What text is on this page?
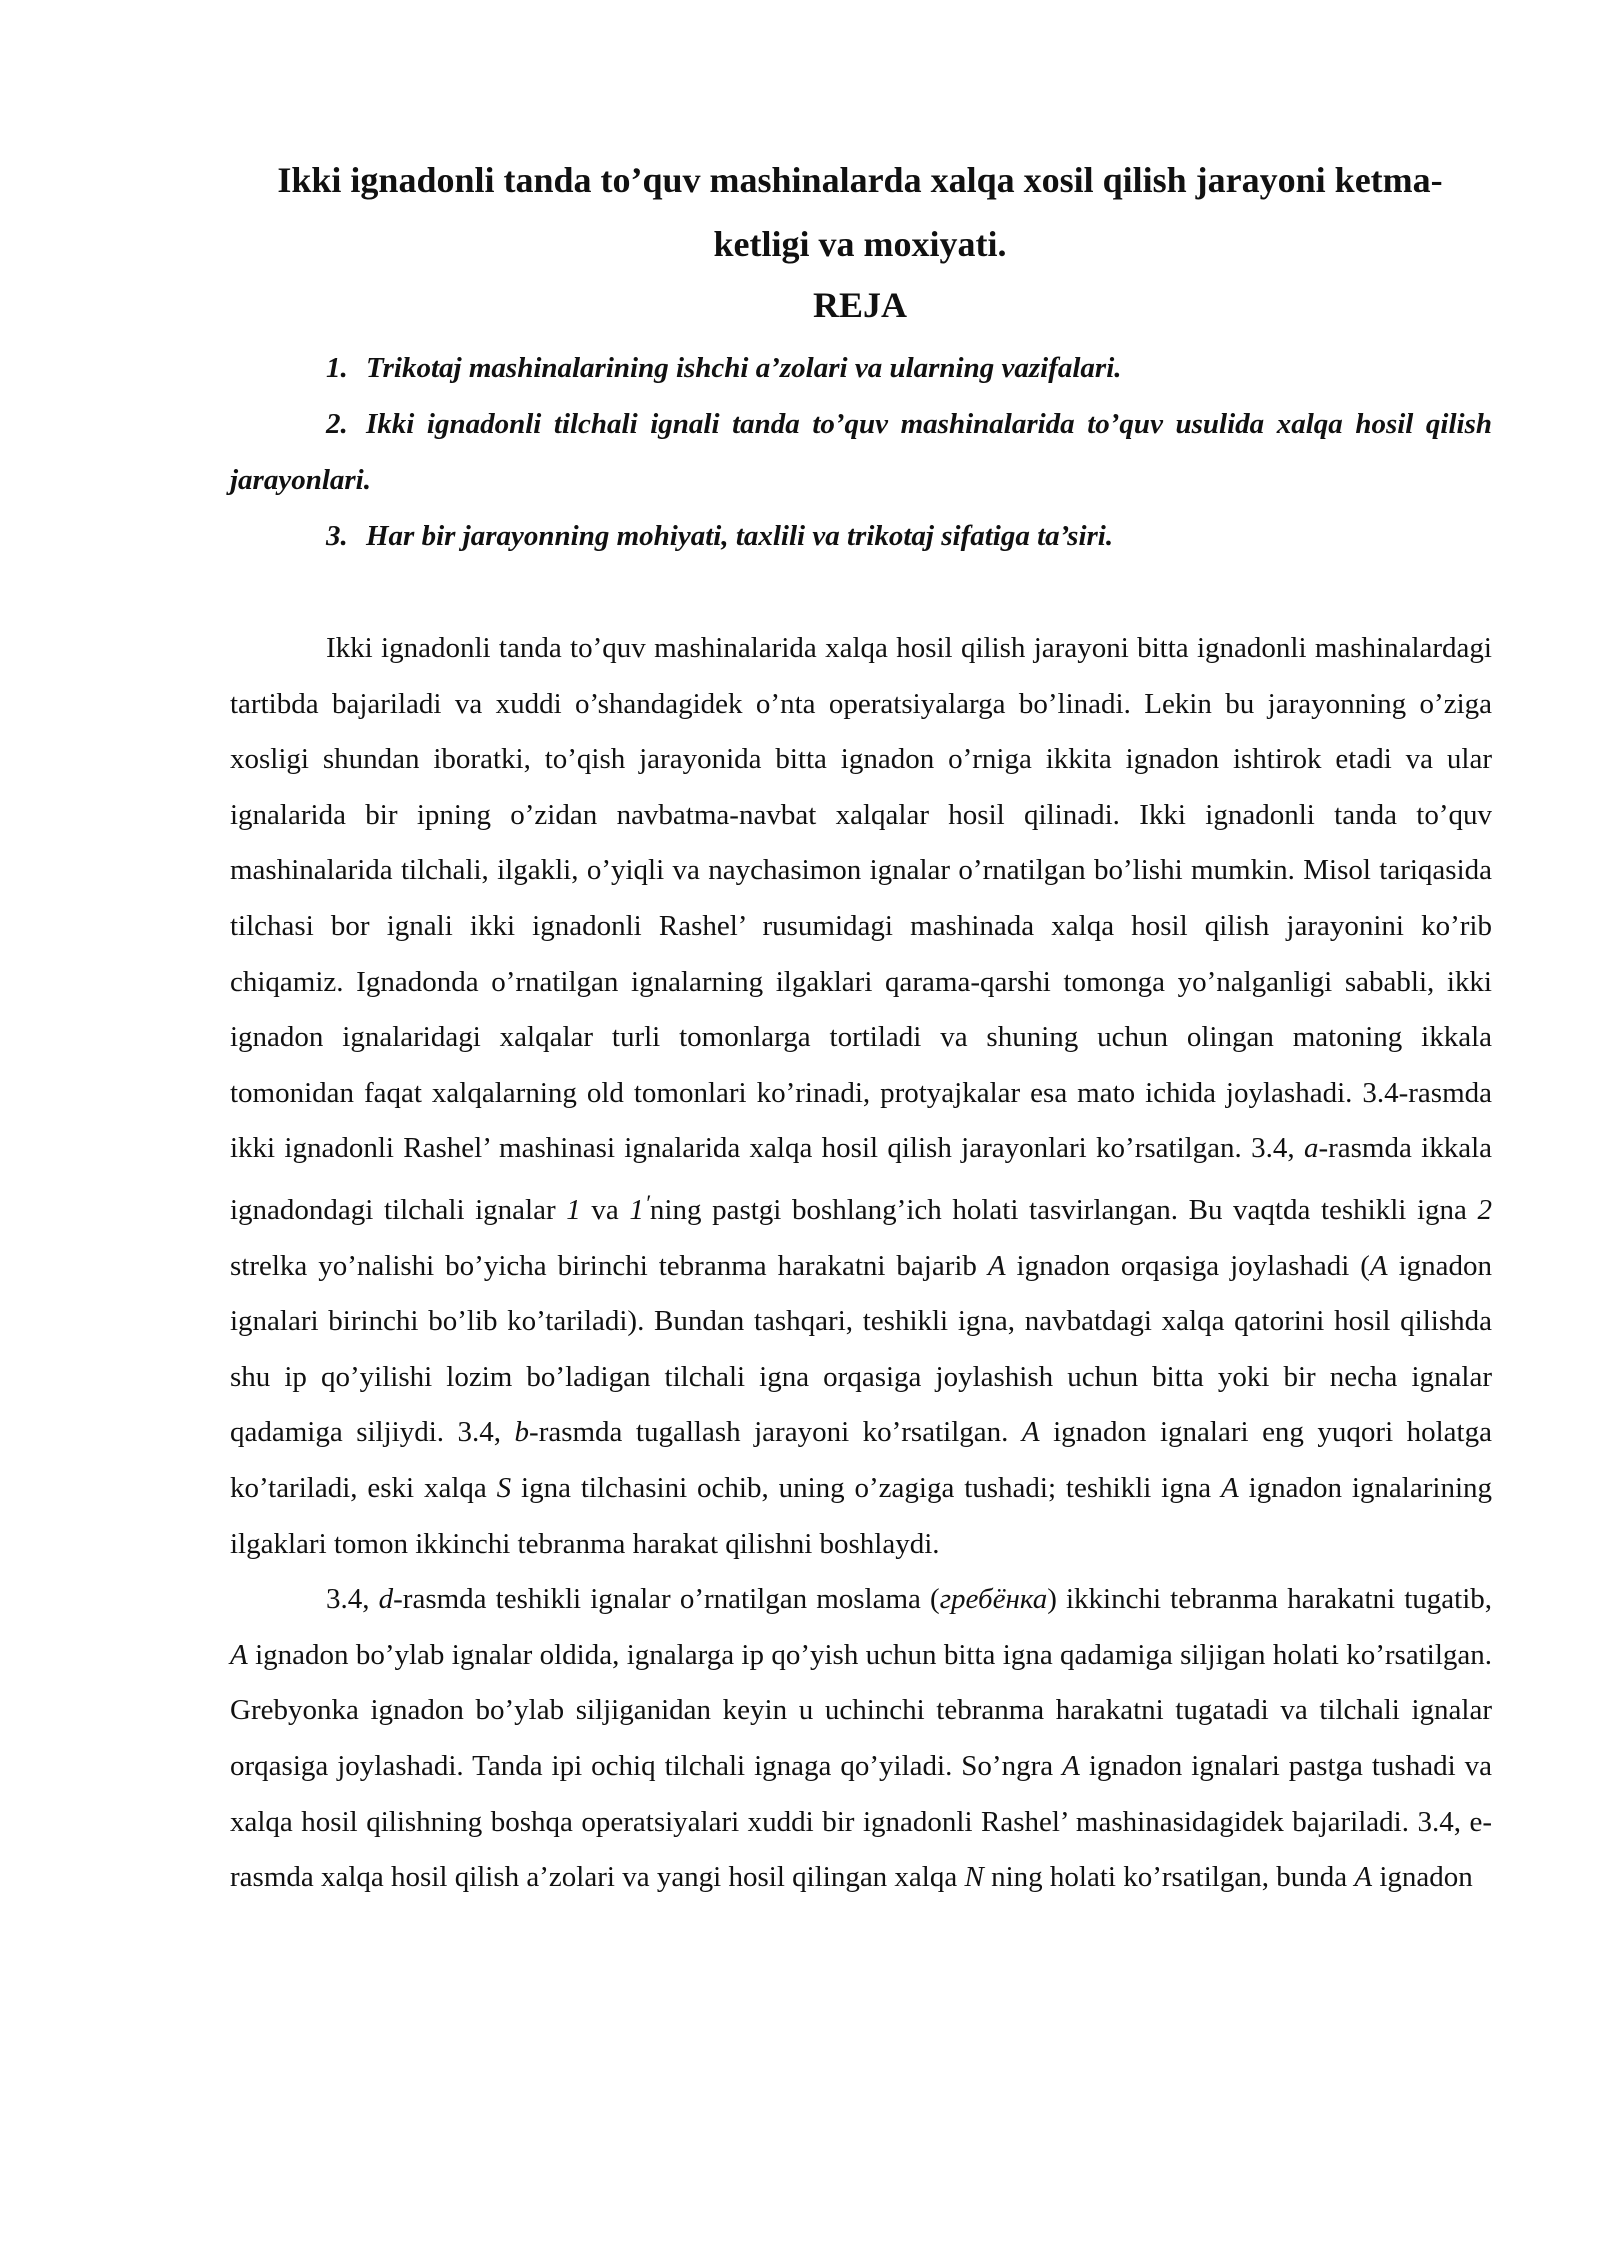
Ikki ignadonli tanda to’quv mashinalarda xalqa xosil qilish jarayoni ketma-
ketligi va moxiyati.
REJA

1. Trikotaj mashinalarining ishchi a’zolari va ularning vazifalari.

2. Ikki ignadonli tilchali ignali tanda to’quv mashinalarida to’quv usulida xalqa hosil qilish jarayonlari.

3. Har bir jarayonning mohiyati, taxlili va trikotaj sifatiga ta’siri.

Ikki ignadonli tanda to’quv mashinalarida xalqa hosil qilish jarayoni bitta ignadonli mashinalardagi tartibda bajariladi va xuddi o’shandagidek o’nta operatsiyalarga bo’linadi. Lekin bu jarayonning o’ziga xosligi shundan iboratki, to’qish jarayonida bitta ignadon o’rniga ikkita ignadon ishtirok etadi va ular ignalarida bir ipning o’zidan navbatma-navbat xalqalar hosil qilinadi. Ikki ignadonli tanda to’quv mashinalarida tilchali, ilgakli, o’yiqli va naychasimon ignalar o’rnatilgan bo’lishi mumkin. Misol tariqasida tilchasi bor ignali ikki ignadonli Rashel’ rusumidagi mashinada xalqa hosil qilish jarayonini ko’rib chiqamiz. Ignadonda o’rnatilgan ignalarning ilgaklari qarama-qarshi tomonga yo’nalganligi sababli, ikki ignadon ignalaridagi xalqalar turli tomonlarga tortiladi va shuning uchun olingan matoning ikkala tomonidan faqat xalqalarning old tomonlari ko’rinadi, protyajkalar esa mato ichida joylashadi. 3.4-rasmda ikki ignadonli Rashel’ mashinasi ignalarida xalqa hosil qilish jarayonlari ko’rsatilgan. 3.4, a-rasmda ikkala ignadondagi tilchali ignalar 1 va 1′ning pastgi boshlang’ich holati tasvirlangan. Bu vaqtda teshikli igna 2 strelka yo’nalishi bo’yicha birinchi tebranma harakatni bajarib A ignadon orqasiga joylashadi (A ignadon ignalari birinchi bo’lib ko’tariladi). Bundan tashqari, teshikli igna, navbatdagi xalqa qatorini hosil qilishda shu ip qo’yilishi lozim bo’ladigan tilchali igna orqasiga joylashish uchun bitta yoki bir necha ignalar qadamiga siljiydi. 3.4, b-rasmda tugallash jarayoni ko’rsatilgan. A ignadon ignalari eng yuqori holatga ko’tariladi, eski xalqa S igna tilchasini ochib, uning o’zagiga tushadi; teshikli igna A ignadon ignalarining ilgaklari tomon ikkinchi tebranma harakat qilishni boshlaydi.

3.4, d-rasmda teshikli ignalar o’rnatilgan moslama (гребёнка) ikkinchi tebranma harakatni tugatib, A ignadon bo’ylab ignalar oldida, ignalarga ip qo’yish uchun bitta igna qadamiga siljigan holati ko’rsatilgan. Grebyonka ignadon bo’ylab siljiganidan keyin u uchinchi tebranma harakatni tugatadi va tilchali ignalar orqasiga joylashadi. Tanda ipi ochiq tilchali ignaga qo’yiladi. So’ngra A ignadon ignalari pastga tushadi va xalqa hosil qilishning boshqa operatsiyalari xuddi bir ignadonli Rashel’ mashinasidagidek bajariladi. 3.4, e-rasmda xalqa hosil qilish a’zolari va yangi hosil qilingan xalqa N ning holati ko’rsatilgan, bunda A ignadon
